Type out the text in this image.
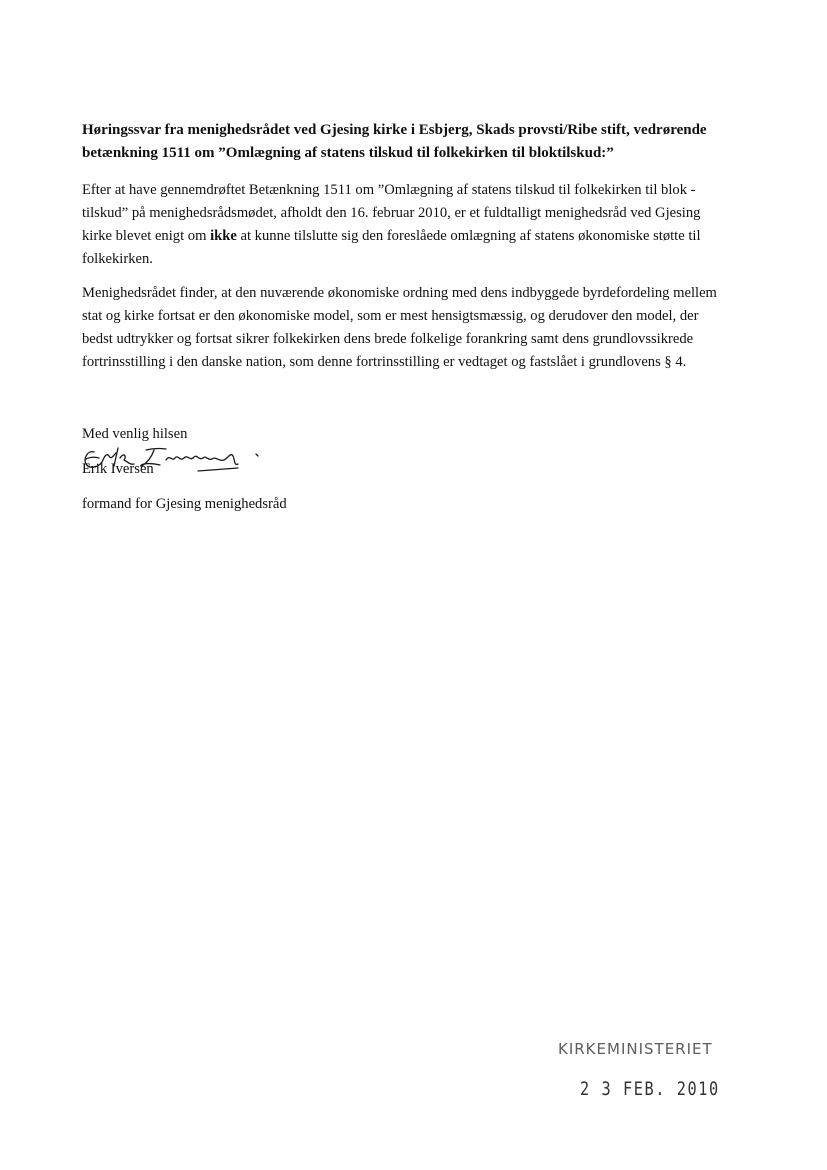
Høringssvar fra menighedsrådet ved Gjesing kirke i Esbjerg, Skads provsti/Ribe stift, vedrørende
betænkning 1511 om ”Omlægning af statens tilskud til folkekirken til bloktilskud:”
Efter at have gennemdrøftet Betænkning 1511 om ”Omlægning af statens tilskud til folkekirken til blok -
tilskud” på menighedsrådsmødet, afholdt den 16. februar 2010, er et fuldtalligt menighedsråd ved Gjesing
kirke blevet enigt om ikke at kunne tilslutte sig den foreslåede omlægning af statens økonomiske støtte til
folkekirken.
Menighedsrådet finder, at den nuværende økonomiske ordning med dens indbyggede byrdefordeling mellem
stat og kirke fortsat er den økonomiske model, som er mest hensigtsmæssig, og derudover den model, der
bedst udtrykker og fortsat sikrer folkekirken dens brede folkelige forankring samt dens grundlovssikrede
fortrinsstilling i den danske nation, som denne fortrinsstilling er vedtaget og fastslået i grundlovens § 4.

Med venlig hilsen

Erik Iversen

formand for Gjesing menighedsråd

KIRKEMINISTERIET
2 3 FEB. 2010
